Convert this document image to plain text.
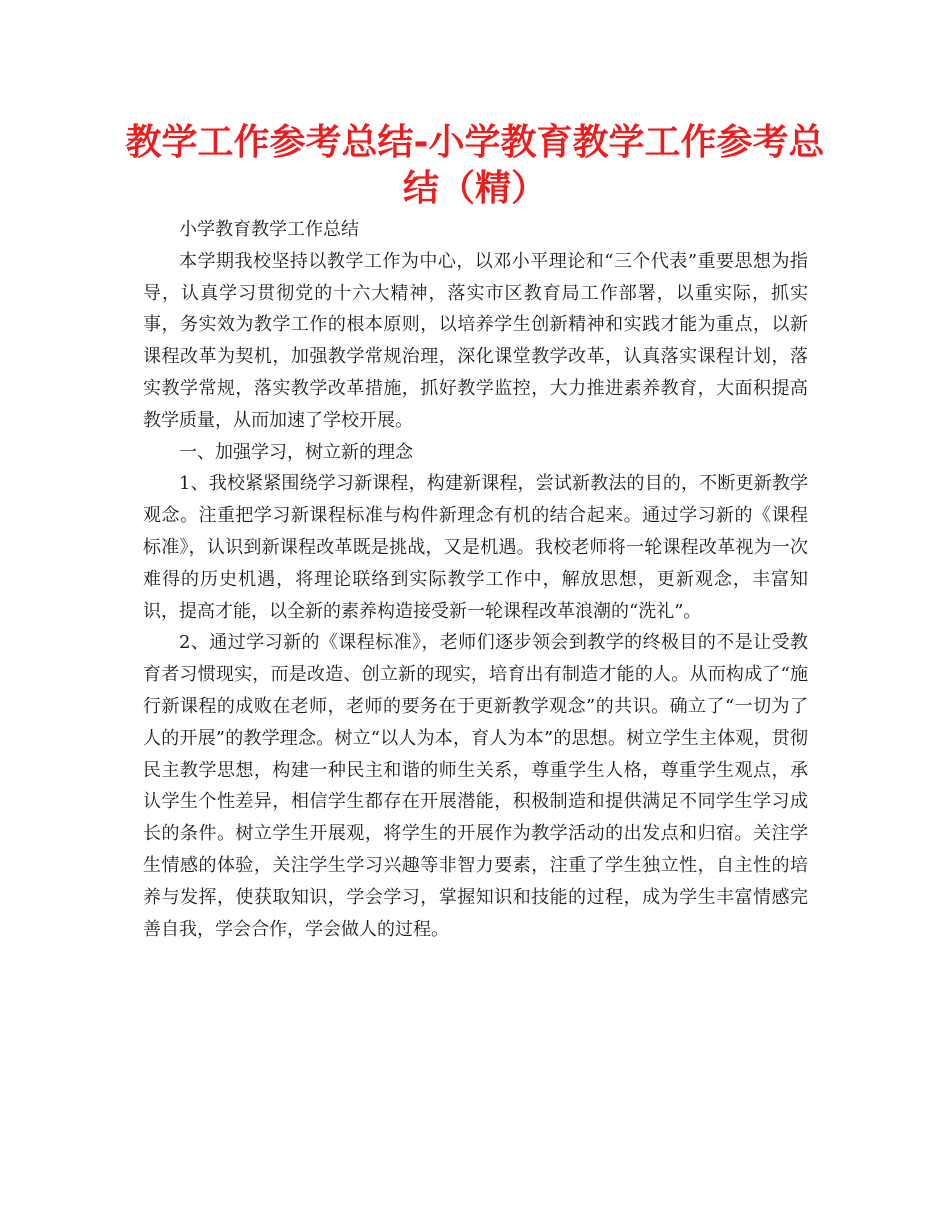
教学工作参考总结-小学教育教学工作参考总结（精）

小学教育教学工作总结

本学期我校坚持以教学工作为中心，以邓小平理论和“三个代表”重要思想为指导，认真学习贯彻党的十六大精神，落实市区教育局工作部署，以重实际，抓实事，务实效为教学工作的根本原则，以培养学生创新精神和实践才能为重点，以新课程改革为契机，加强教学常规治理，深化课堂教学改革，认真落实课程计划，落实教学常规，落实教学改革措施，抓好教学监控，大力推进素养教育，大面积提高教学质量，从而加速了学校开展。

一、加强学习，树立新的理念

1、我校紧紧围绕学习新课程，构建新课程，尝试新教法的目的，不断更新教学观念。注重把学习新课程标准与构件新理念有机的结合起来。通过学习新的《课程标准》，认识到新课程改革既是挑战，又是机遇。我校老师将一轮课程改革视为一次难得的历史机遇，将理论联络到实际教学工作中，解放思想，更新观念，丰富知识，提高才能，以全新的素养构造接受新一轮课程改革浪潮的“洗礼”。

2、通过学习新的《课程标准》，老师们逐步领会到教学的终极目的不是让受教育者习惯现实，而是改造、创立新的现实，培育出有制造才能的人。从而构成了“施行新课程的成败在老师，老师的要务在于更新教学观念”的共识。确立了“一切为了人的开展”的教学理念。树立“以人为本，育人为本”的思想。树立学生主体观，贯彻民主教学思想，构建一种民主和谐的师生关系，尊重学生人格，尊重学生观点，承认学生个性差异，相信学生都存在开展潜能，积极制造和提供满足不同学生学习成长的条件。树立学生开展观，将学生的开展作为教学活动的出发点和归宿。关注学生情感的体验，关注学生学习兴趣等非智力要素，注重了学生独立性，自主性的培养与发挥，使获取知识，学会学习，掌握知识和技能的过程，成为学生丰富情感完善自我，学会合作，学会做人的过程。
